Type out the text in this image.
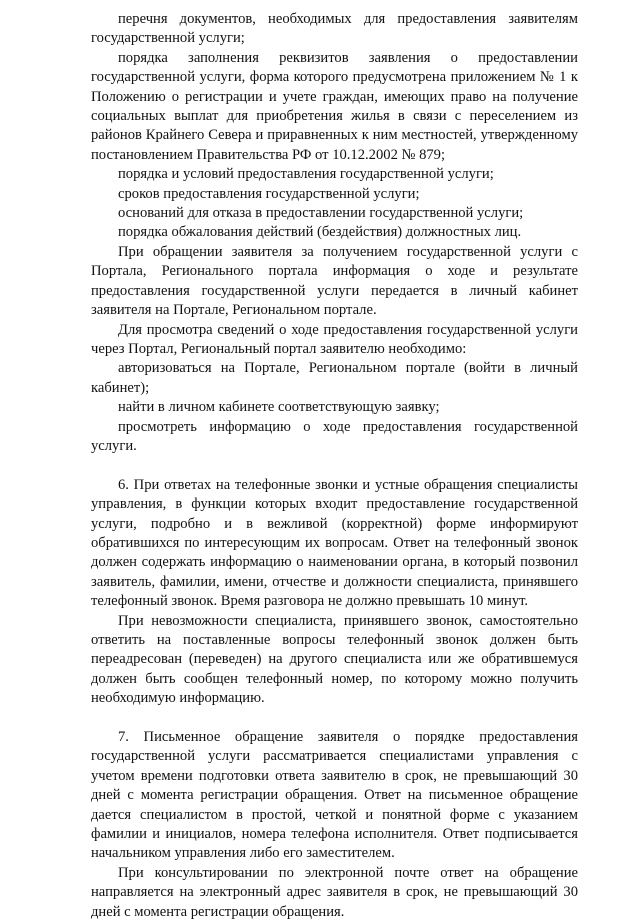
перечня документов, необходимых для предоставления заявителям государственной услуги;

порядка заполнения реквизитов заявления о предоставлении государственной услуги, форма которого предусмотрена приложением № 1 к Положению о регистрации и учете граждан, имеющих право на получение социальных выплат для приобретения жилья в связи с переселением из районов Крайнего Севера и приравненных к ним местностей, утвержденному постановлением Правительства РФ от 10.12.2002 № 879;

порядка и условий предоставления государственной услуги;

сроков предоставления государственной услуги;

оснований для отказа в предоставлении государственной услуги;

порядка обжалования действий (бездействия) должностных лиц.

При обращении заявителя за получением государственной услуги с Портала, Регионального портала информация о ходе и результате предоставления государственной услуги передается в личный кабинет заявителя на Портале, Региональном портале.

Для просмотра сведений о ходе предоставления государственной услуги через Портал, Региональный портал заявителю необходимо:

авторизоваться на Портале, Региональном портале (войти в личный кабинет);

найти в личном кабинете соответствующую заявку;

просмотреть информацию о ходе предоставления государственной услуги.

6. При ответах на телефонные звонки и устные обращения специалисты управления, в функции которых входит предоставление государственной услуги, подробно и в вежливой (корректной) форме информируют обратившихся по интересующим их вопросам. Ответ на телефонный звонок должен содержать информацию о наименовании органа, в который позвонил заявитель, фамилии, имени, отчестве и должности специалиста, принявшего телефонный звонок. Время разговора не должно превышать 10 минут.

При невозможности специалиста, принявшего звонок, самостоятельно ответить на поставленные вопросы телефонный звонок должен быть переадресован (переведен) на другого специалиста или же обратившемуся должен быть сообщен телефонный номер, по которому можно получить необходимую информацию.

7. Письменное обращение заявителя о порядке предоставления государственной услуги рассматривается специалистами управления с учетом времени подготовки ответа заявителю в срок, не превышающий 30 дней с момента регистрации обращения. Ответ на письменное обращение дается специалистом в простой, четкой и понятной форме с указанием фамилии и инициалов, номера телефона исполнителя. Ответ подписывается начальником управления либо его заместителем.

При консультировании по электронной почте ответ на обращение направляется на электронный адрес заявителя в срок, не превышающий 30 дней с момента регистрации обращения.
